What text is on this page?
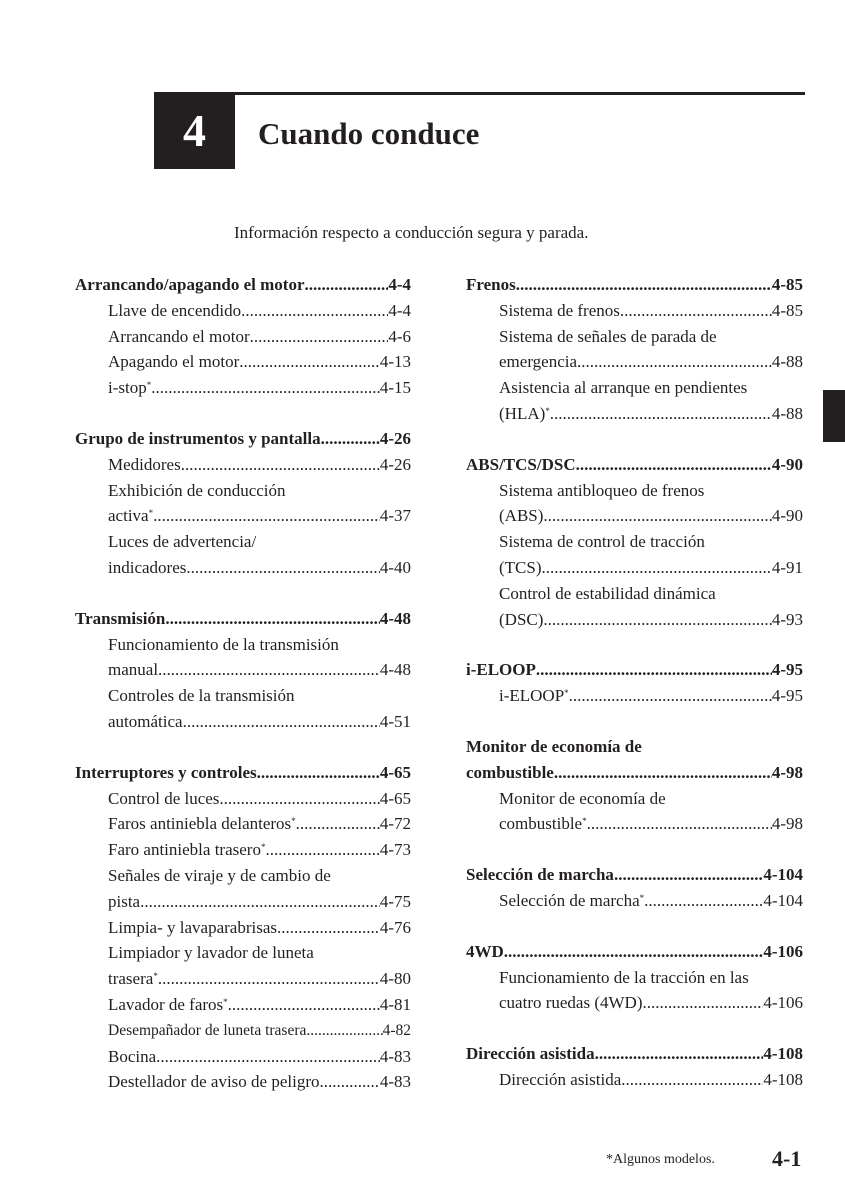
4 Cuando conduce
Información respecto a conducción segura y parada.
Arrancando/apagando el motor .....	4-4
Llave de encendido .....	4-4
Arrancando el motor .....	4-6
Apagando el motor .....	4-13
i-stop* .....	4-15
Grupo de instrumentos y pantalla .....	4-26
Medidores .....	4-26
Exhibición de conducción
activa* .....	4-37
Luces de advertencia/
indicadores .....	4-40
Transmisión .....	4-48
Funcionamiento de la transmisión
manual .....	4-48
Controles de la transmisión
automática .....	4-51
Interruptores y controles .....	4-65
Control de luces .....	4-65
Faros antiniebla delanteros* .....	4-72
Faro antiniebla trasero* .....	4-73
Señales de viraje y de cambio de
pista .....	4-75
Limpia- y lavaparabrisas .....	4-76
Limpiador y lavador de luneta
trasera* .....	4-80
Lavador de faros* .....	4-81
Desempañador de luneta trasera .....	4-82
Bocina .....	4-83
Destellador de aviso de peligro .....	4-83
Frenos .....	4-85
Sistema de frenos .....	4-85
Sistema de señales de parada de
emergencia .....	4-88
Asistencia al arranque en pendientes
(HLA)* .....	4-88
ABS/TCS/DSC .....	4-90
Sistema antibloqueo de frenos
(ABS) .....	4-90
Sistema de control de tracción
(TCS) .....	4-91
Control de estabilidad dinámica
(DSC) .....	4-93
i-ELOOP .....	4-95
i-ELOOP* .....	4-95
Monitor de economía de
combustible .....	4-98
Monitor de economía de
combustible* .....	4-98
Selección de marcha .....	4-104
Selección de marcha* .....	4-104
4WD .....	4-106
Funcionamiento de la tracción en las
cuatro ruedas (4WD) .....	4-106
Dirección asistida .....	4-108
Dirección asistida .....	4-108
*Algunos modelos.	4-1
